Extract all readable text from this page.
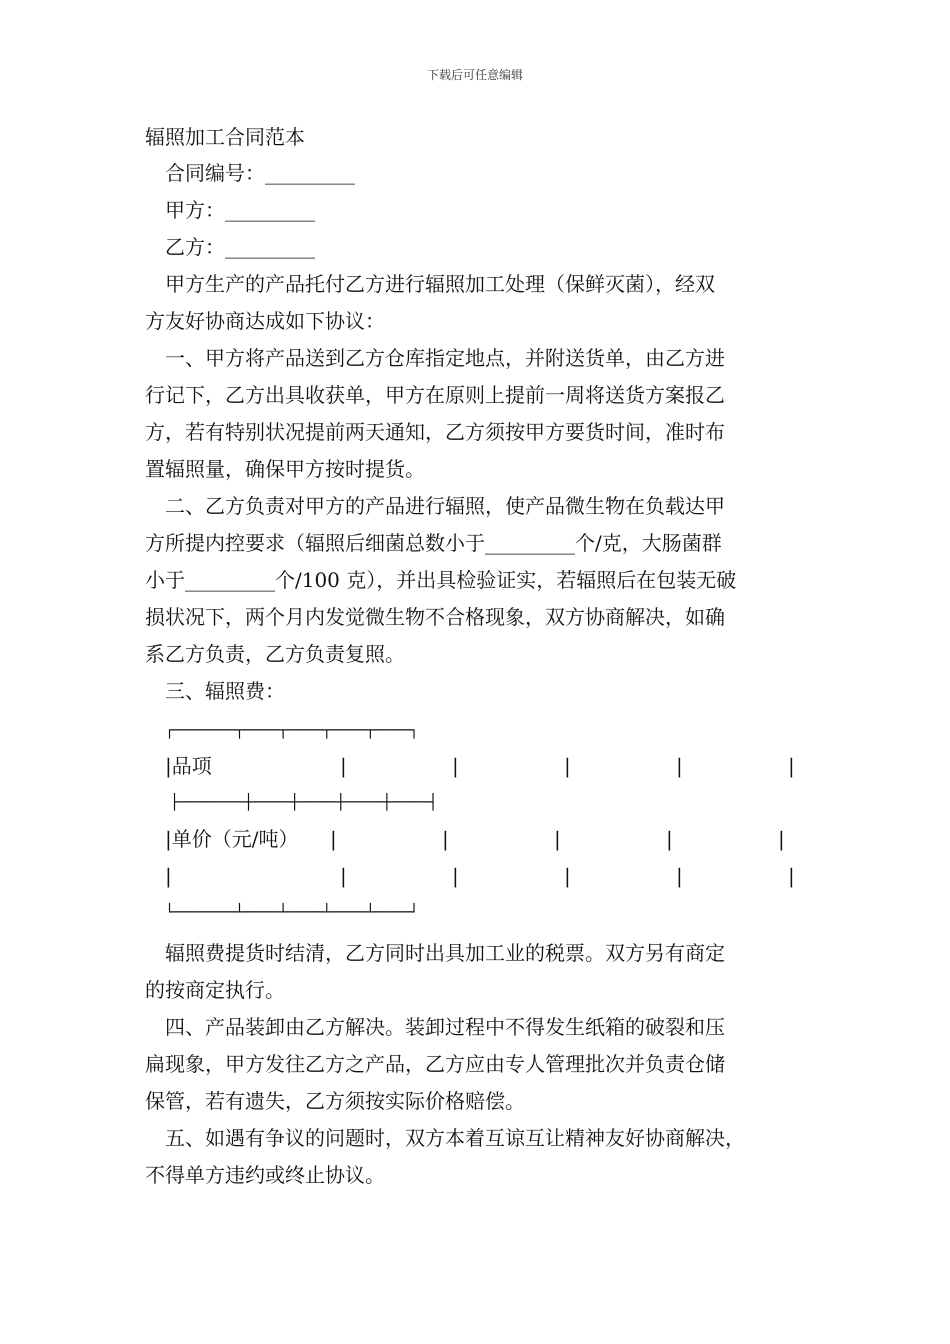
下载后可任意编辑
辐照加工合同范本
合同编号：_________
甲方：_________
乙方：_________
甲方生产的产品托付乙方进行辐照加工处理（保鲜灭菌），经双
方友好协商达成如下协议：
一、甲方将产品送到乙方仓库指定地点，并附送货单，由乙方进
行记下，乙方出具收获单，甲方在原则上提前一周将送货方案报乙
方，若有特别状况提前两天通知，乙方须按甲方要货时间，准时布
置辐照量，确保甲方按时提货。
二、乙方负责对甲方的产品进行辐照，使产品微生物在负载达甲
方所提内控要求（辐照后细菌总数小于_________个/克，大肠菌群
小于_________个/100 克），并出具检验证实，若辐照后在包装无破
损状况下，两个月内发觉微生物不合格现象，双方协商解决，如确
系乙方负责，乙方负责复照。
三、辐照费：
┌───────┬────┬────┬────┬────┐
|品项	|	|	|	|	|
├───────┼────┼────┼────┼────┤
|单价（元/吨） |	|	|	|	|
|	|	|	|	|	|
└───────┴────┴────┴────┴────┘
辐照费提货时结清，乙方同时出具加工业的税票。双方另有商定
的按商定执行。
四、产品装卸由乙方解决。装卸过程中不得发生纸箱的破裂和压
扁现象，甲方发往乙方之产品，乙方应由专人管理批次并负责仓储
保管，若有遗失，乙方须按实际价格赔偿。
五、如遇有争议的问题时，双方本着互谅互让精神友好协商解决，
不得单方违约或终止协议。
